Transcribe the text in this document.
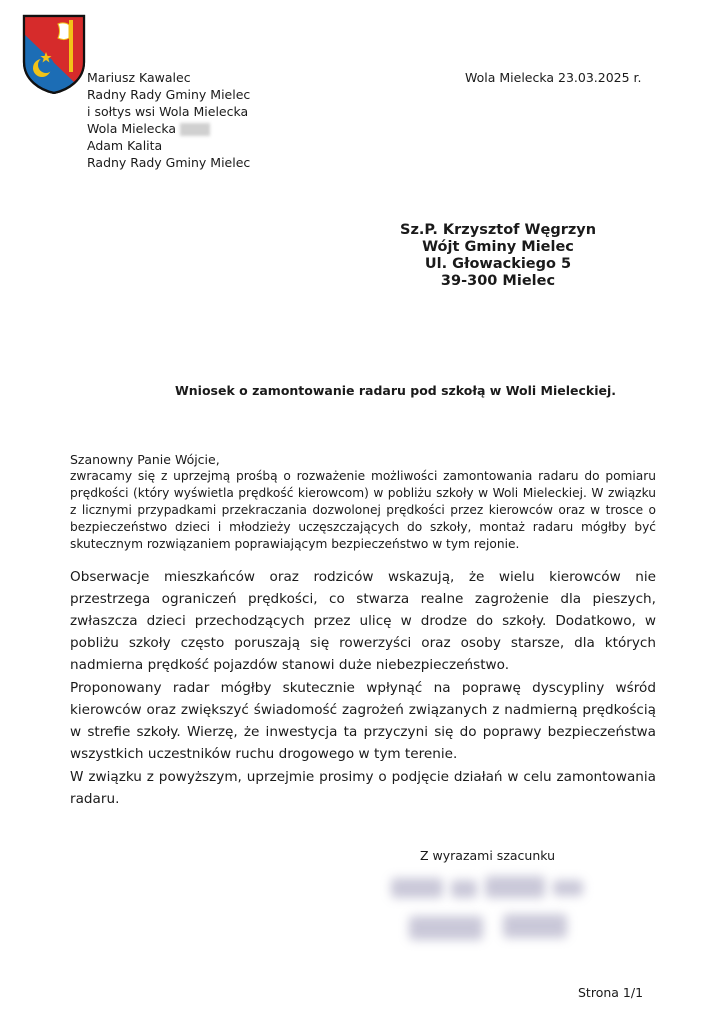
Mariusz Kawalec
Radny Rady Gminy Mielec
i sołtys wsi Wola Mielecka
Wola Mielecka
Adam Kalita
Radny Rady Gminy Mielec
Wola Mielecka 23.03.2025 r.
Sz.P. Krzysztof Węgrzyn
Wójt Gminy Mielec
Ul. Głowackiego 5
39-300 Mielec
Wniosek o zamontowanie radaru pod szkołą w Woli Mieleckiej.
Szanowny Panie Wójcie,
zwracamy się z uprzejmą prośbą o rozważenie możliwości zamontowania radaru do pomiaru prędkości (który wyświetla prędkość kierowcom) w pobliżu szkoły w Woli Mieleckiej. W związku z licznymi przypadkami przekraczania dozwolonej prędkości przez kierowców oraz w trosce o bezpieczeństwo dzieci i młodzieży uczęszczających do szkoły, montaż radaru mógłby być skutecznym rozwiązaniem poprawiającym bezpieczeństwo w tym rejonie.
Obserwacje mieszkańców oraz rodziców wskazują, że wielu kierowców nie przestrzega ograniczeń prędkości, co stwarza realne zagrożenie dla pieszych, zwłaszcza dzieci przechodzących przez ulicę w drodze do szkoły. Dodatkowo, w pobliżu szkoły często poruszają się rowerzyści oraz osoby starsze, dla których nadmierna prędkość pojazdów stanowi duże niebezpieczeństwo.
Proponowany radar mógłby skutecznie wpłynąć na poprawę dyscypliny wśród kierowców oraz zwiększyć świadomość zagrożeń związanych z nadmierną prędkością w strefie szkoły. Wierzę, że inwestycja ta przyczyni się do poprawy bezpieczeństwa wszystkich uczestników ruchu drogowego w tym terenie.
W związku z powyższym, uprzejmie prosimy o podjęcie działań w celu zamontowania radaru.
Z wyrazami szacunku
Strona 1/1
